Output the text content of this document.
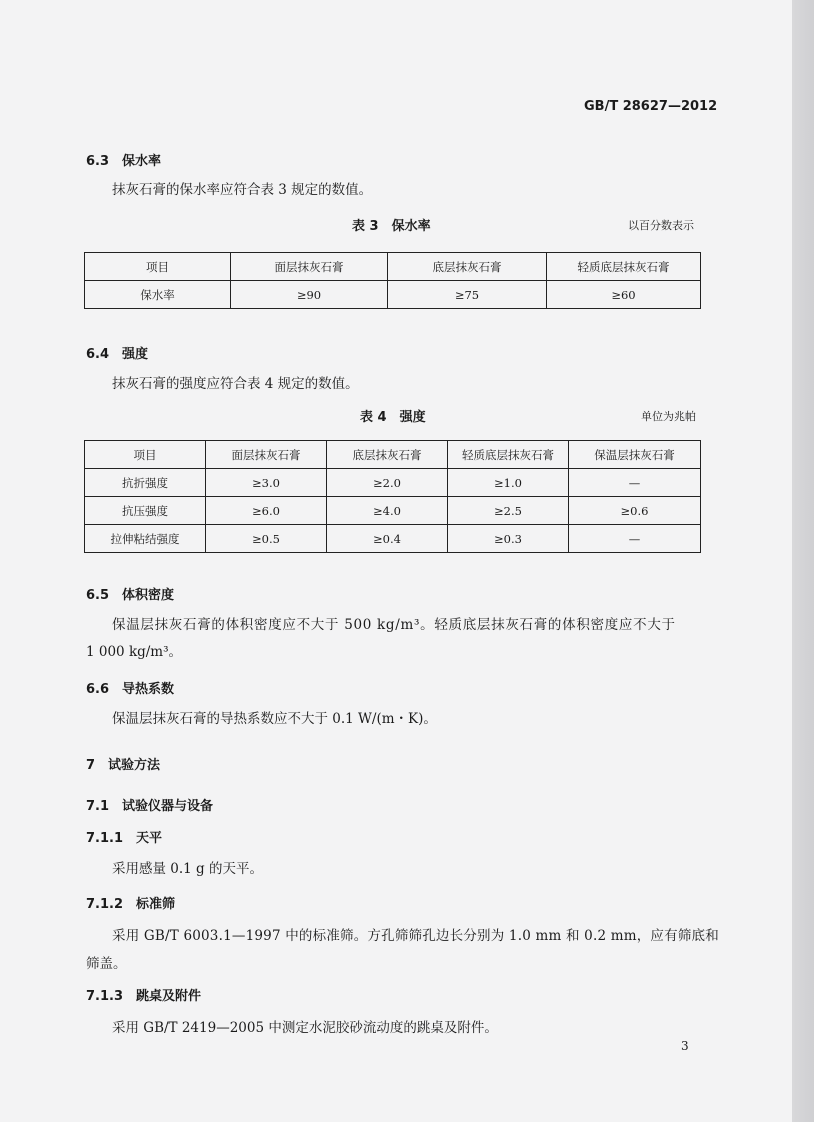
GB/T 28627—2012
6.3　保水率
抹灰石膏的保水率应符合表 3 规定的数值。
表 3　保水率	以百分数表示
项目	面层抹灰石膏	底层抹灰石膏	轻质底层抹灰石膏
保水率	≥90	≥75	≥60
6.4　强度
抹灰石膏的强度应符合表 4 规定的数值。
表 4　强度	单位为兆帕
项目	面层抹灰石膏	底层抹灰石膏	轻质底层抹灰石膏	保温层抹灰石膏
抗折强度	≥3.0	≥2.0	≥1.0	—
抗压强度	≥6.0	≥4.0	≥2.5	≥0.6
拉伸粘结强度	≥0.5	≥0.4	≥0.3	—
6.5　体积密度
保温层抹灰石膏的体积密度应不大于 500 kg/m³。轻质底层抹灰石膏的体积密度应不大于
1 000 kg/m³。
6.6　导热系数
保温层抹灰石膏的导热系数应不大于 0.1 W/(m・K)。
7　试验方法
7.1　试验仪器与设备
7.1.1　天平
采用感量 0.1 g 的天平。
7.1.2　标准筛
采用 GB/T 6003.1—1997 中的标准筛。方孔筛筛孔边长分别为 1.0 mm 和 0.2 mm，应有筛底和
筛盖。
7.1.3　跳桌及附件
采用 GB/T 2419—2005 中测定水泥胶砂流动度的跳桌及附件。
3
